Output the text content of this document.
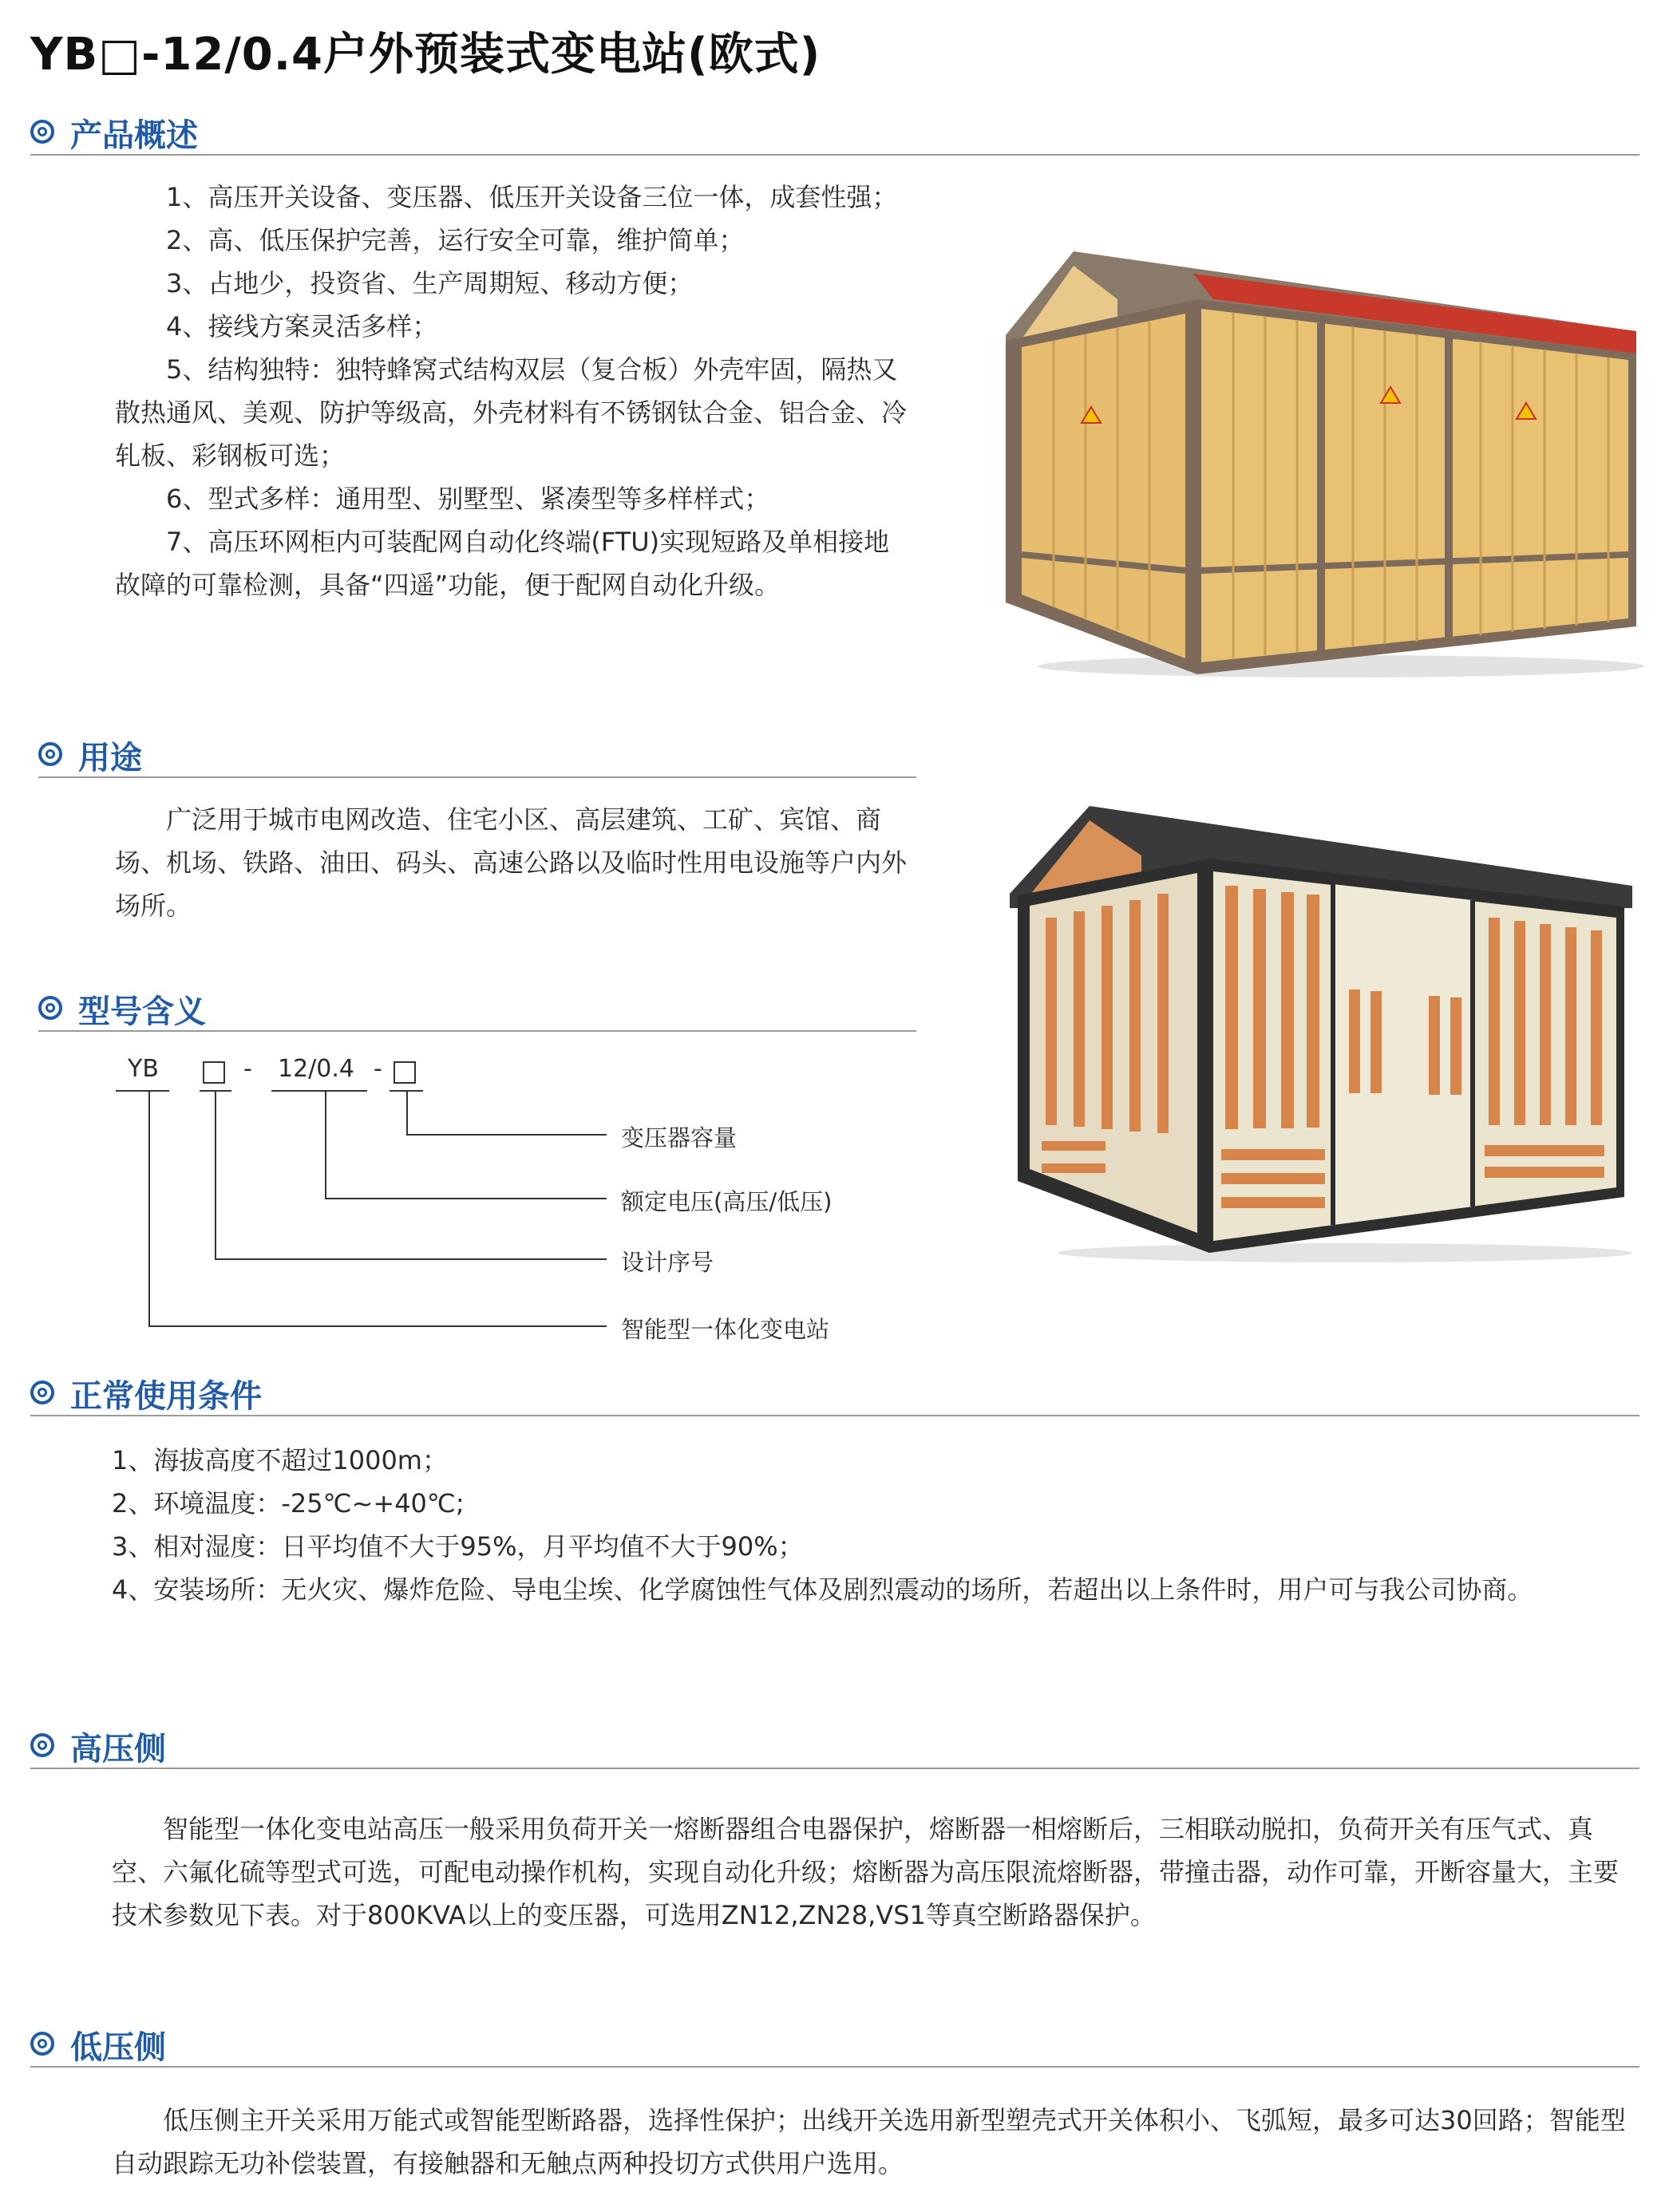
YB□-12/0.4户外预装式变电站(欧式)
产品概述

1、高压开关设备、变压器、低压开关设备三位一体，成套性强；

2、高、低压保护完善，运行安全可靠，维护简单；

3、占地少，投资省、生产周期短、移动方便；

4、接线方案灵活多样；

5、结构独特：独特蜂窝式结构双层（复合板）外壳牢固，隔热又散热通风、美观、防护等级高，外壳材料有不锈钢钛合金、铝合金、冷轧板、彩钢板可选；

6、型式多样：通用型、别墅型、紧凑型等多样样式；

7、高压环网柜内可装配网自动化终端(FTU)实现短路及单相接地故障的可靠检测，具备“四遥”功能，便于配网自动化升级。

用途

广泛用于城市电网改造、住宅小区、高层建筑、工矿、宾馆、商场、机场、铁路、油田、码头、高速公路以及临时性用电设施等户内外场所。

型号含义
YB	- 12/0.4 -
变压器容量
额定电压(高压/低压)
设计序号
智能型一体化变电站
正常使用条件

1、海拔高度不超过1000m；

2、环境温度：-25℃~+40℃;

3、相对湿度：日平均值不大于95%，月平均值不大于90%；

4、安装场所：无火灾、爆炸危险、导电尘埃、化学腐蚀性气体及剧烈震动的场所，若超出以上条件时，用户可与我公司协商。

高压侧

智能型一体化变电站高压一般采用负荷开关一熔断器组合电器保护，熔断器一相熔断后，三相联动脱扣，负荷开关有压气式、真空、六氟化硫等型式可选，可配电动操作机构，实现自动化升级；熔断器为高压限流熔断器，带撞击器，动作可靠，开断容量大，主要技术参数见下表。对于800KVA以上的变压器，可选用ZN12,ZN28,VS1等真空断路器保护。

低压侧

低压侧主开关采用万能式或智能型断路器，选择性保护；出线开关选用新型塑壳式开关体积小、飞弧短，最多可达30回路；智能型自动跟踪无功补偿装置，有接触器和无触点两种投切方式供用户选用。
